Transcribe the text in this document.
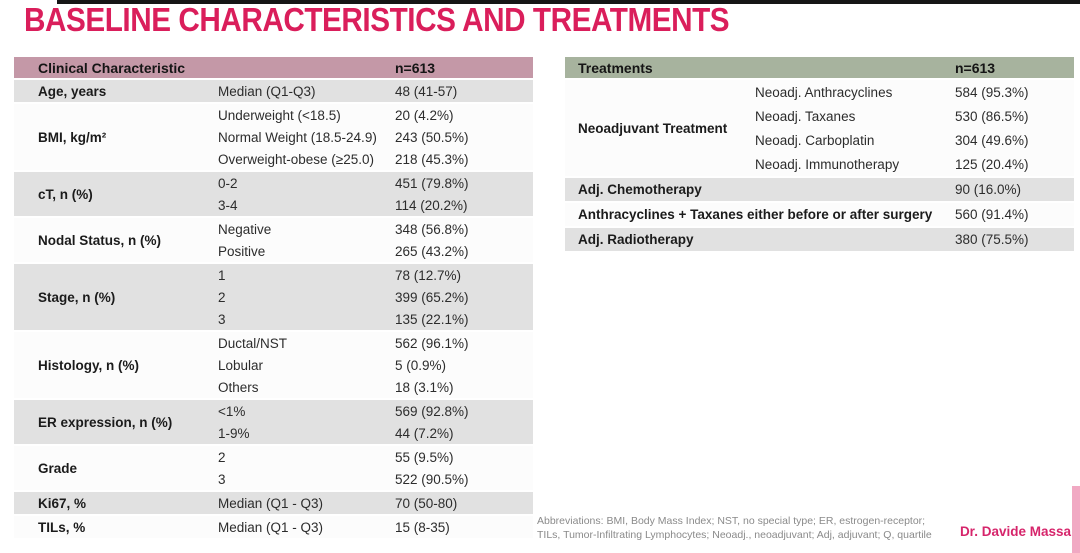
BASELINE CHARACTERISTICS AND TREATMENTS
Clinical Characteristic	n=613
Age, years	Median (Q1-Q3)	48 (41-57)
BMI, kg/m²
Underweight (<18.5)	20 (4.2%)
Normal Weight (18.5-24.9)	243 (50.5%)
Overweight-obese (≥25.0)	218 (45.3%)
cT, n (%)
0-2	451 (79.8%)
3-4	114 (20.2%)
Nodal Status, n (%)
Negative	348 (56.8%)
Positive	265 (43.2%)
Stage, n (%)
1	78 (12.7%)
2	399 (65.2%)
3	135 (22.1%)
Histology, n (%)
Ductal/NST	562 (96.1%)
Lobular	5 (0.9%)
Others	18 (3.1%)
ER expression, n (%)
<1%	569 (92.8%)
1-9%	44 (7.2%)
Grade
2	55 (9.5%)
3	522 (90.5%)
Ki67, %	Median (Q1 - Q3)	70 (50-80)
TILs, %	Median (Q1 - Q3)	15 (8-35)
Treatments	n=613
Neoadjuvant Treatment
Neoadj. Anthracyclines	584 (95.3%)
Neoadj. Taxanes	530 (86.5%)
Neoadj. Carboplatin	304 (49.6%)
Neoadj. Immunotherapy	125 (20.4%)
Adj. Chemotherapy	90 (16.0%)
Anthracyclines + Taxanes either before or after surgery	560 (91.4%)
Adj. Radiotherapy	380 (75.5%)
Abbreviations: BMI, Body Mass Index; NST, no special type; ER, estrogen-receptor;
TILs, Tumor-Infiltrating Lymphocytes; Neoadj., neoadjuvant; Adj, adjuvant; Q, quartile Dr. Davide Massa
